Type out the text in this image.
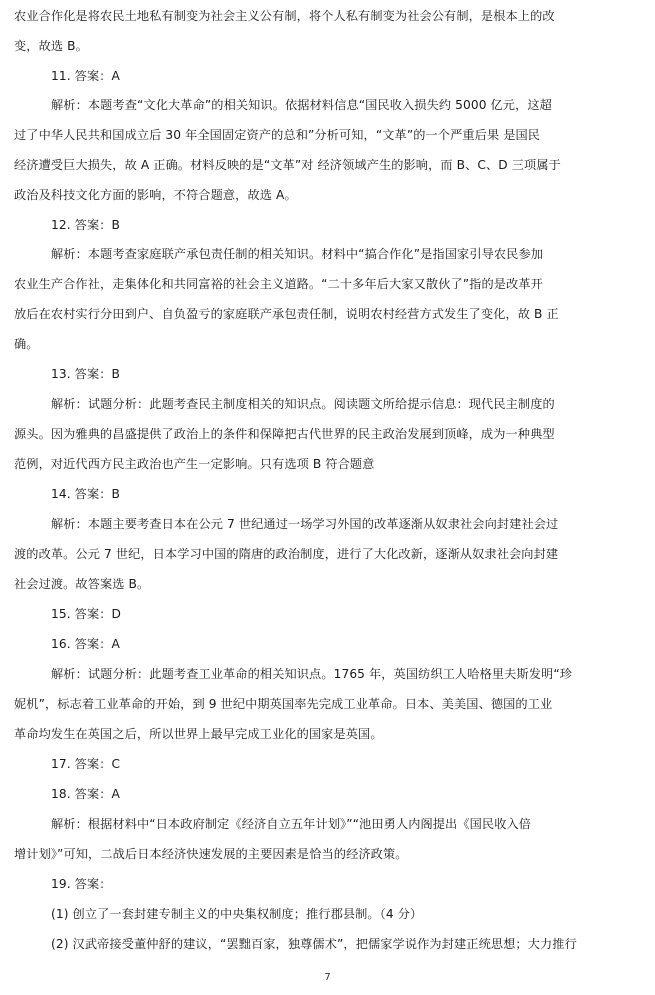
农业合作化是将农民土地私有制变为社会主义公有制，将个人私有制变为社会公有制，是根本上的改
变，故选 B。
11. 答案：A
解析：本题考查“文化大革命”的相关知识。依据材料信息“国民收入损失约 5000 亿元，这超
过了中华人民共和国成立后 30 年全国固定资产的总和”分析可知，“文革”的一个严重后果 是国民
经济遭受巨大损失，故 A 正确。材料反映的是“文革”对 经济领域产生的影响，而 B、C、D 三项属于
政治及科技文化方面的影响，不符合题意，故选 A。
12. 答案：B
解析：本题考查家庭联产承包责任制的相关知识。材料中“搞合作化”是指国家引导农民参加
农业生产合作社，走集体化和共同富裕的社会主义道路。“二十多年后大家又散伙了”指的是改革开
放后在农村实行分田到户、自负盈亏的家庭联产承包责任制，说明农村经营方式发生了变化，故 B 正
确。
13. 答案：B
解析：试题分析：此题考查民主制度相关的知识点。阅读题文所给提示信息：现代民主制度的
源头。因为雅典的昌盛提供了政治上的条件和保障把古代世界的民主政治发展到顶峰，成为一种典型
范例，对近代西方民主政治也产生一定影响。只有选项 B 符合题意
14. 答案：B
解析：本题主要考查日本在公元 7 世纪通过一场学习外国的改革逐渐从奴隶社会向封建社会过
渡的改革。公元 7 世纪，日本学习中国的隋唐的政治制度，进行了大化改新，逐渐从奴隶社会向封建
社会过渡。故答案选 B。
15. 答案：D
16. 答案：A
解析：试题分析：此题考查工业革命的相关知识点。1765 年，英国纺织工人哈格里夫斯发明“珍
妮机”，标志着工业革命的开始，到 9 世纪中期英国率先完成工业革命。日本、美美国、德国的工业
革命均发生在英国之后，所以世界上最早完成工业化的国家是英国。
17. 答案：C
18. 答案：A
解析：根据材料中“日本政府制定《经济自立五年计划》”“池田勇人内阁提出《国民收入倍
增计划》”可知，二战后日本经济快速发展的主要因素是恰当的经济政策。
19. 答案：
(1) 创立了一套封建专制主义的中央集权制度；推行郡县制。（4 分）
(2) 汉武帝接受董仲舒的建议，“罢黜百家，独尊儒术”，把儒家学说作为封建正统思想；大力推行
7
